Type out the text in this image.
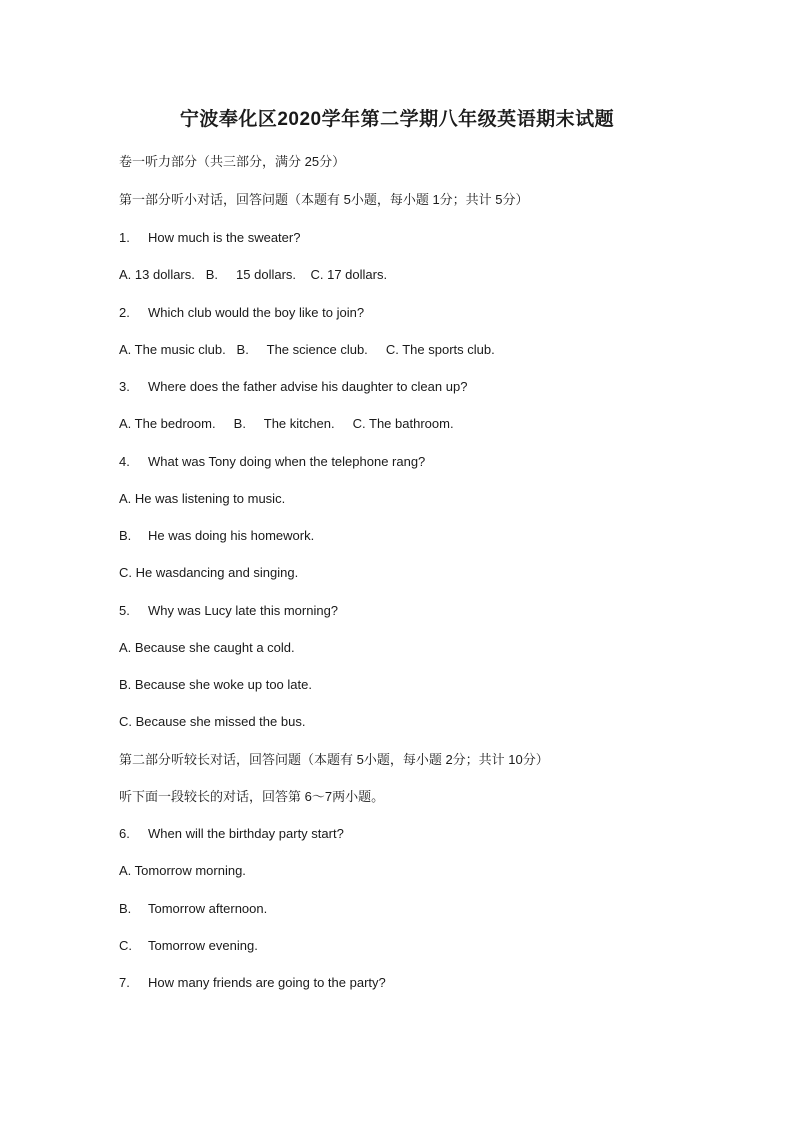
宁波奉化区2020学年第二学期八年级英语期末试题
卷一听力部分（共三部分，满分 25分）
第一部分听小对话，回答问题（本题有 5小题，每小题 1分；共计 5分）
1. How much is the sweater?
A. 13 dollars.   B.     15 dollars.    C. 17 dollars.
2. Which club would the boy like to join?
A. The music club.   B.     The science club.     C. The sports club.
3. Where does the father advise his daughter to clean up?
A. The bedroom.     B.     The kitchen.     C. The bathroom.
4. What was Tony doing when the telephone rang?
A. He was listening to music.
B. He was doing his homework.
C. He wasdancing and singing.
5. Why was Lucy late this morning?
A. Because she caught a cold.
B. Because she woke up too late.
C. Because she missed the bus.
第二部分听较长对话，回答问题（本题有 5小题，每小题 2分；共计 10分）
听下面一段较长的对话，回答第 6～7两小题。
6. When will the birthday party start?
A. Tomorrow morning.
B. Tomorrow afternoon.
C. Tomorrow evening.
7. How many friends are going to the party?
